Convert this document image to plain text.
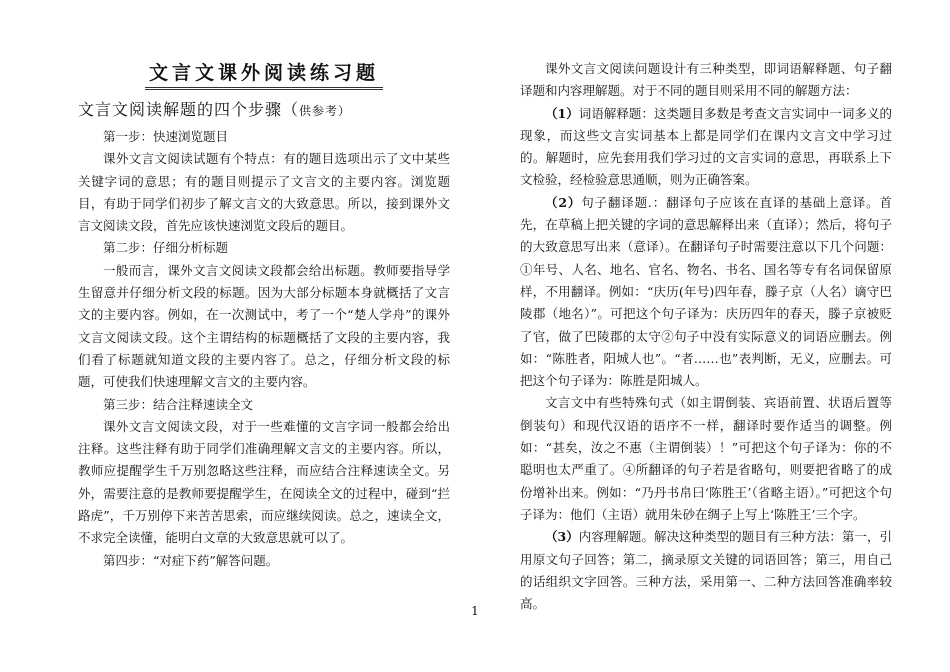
文言文课外阅读练习题
文言文阅读解题的四个步骤（供参考）

第一步：快速浏览题目

课外文言文阅读试题有个特点：有的题目选项出示了文中某些关键字词的意思；有的题目则提示了文言文的主要内容。浏览题目，有助于同学们初步了解文言文的大致意思。所以，接到课外文言文阅读文段，首先应该快速浏览文段后的题目。

第二步：仔细分析标题

一般而言，课外文言文阅读文段都会给出标题。教师要指导学生留意并仔细分析文段的标题。因为大部分标题本身就概括了文言文的主要内容。例如，在一次测试中，考了一个“楚人学舟”的课外文言文阅读文段。这个主谓结构的标题概括了文段的主要内容，我们看了标题就知道文段的主要内容了。总之，仔细分析文段的标题，可使我们快速理解文言文的主要内容。

第三步：结合注释速读全文

课外文言文阅读文段，对于一些难懂的文言字词一般都会给出注释。这些注释有助于同学们准确理解文言文的主要内容。所以，教师应提醒学生千万别忽略这些注释，而应结合注释速读全文。另外，需要注意的是教师要提醒学生，在阅读全文的过程中，碰到“拦路虎”，千万别停下来苦苦思索，而应继续阅读。总之，速读全文，不求完全读懂，能明白文章的大致意思就可以了。

第四步：“对症下药”解答问题。

课外文言文阅读问题设计有三种类型，即词语解释题、句子翻译题和内容理解题。对于不同的题目则采用不同的解题方法：

（1）词语解释题：这类题目多数是考查文言实词中一词多义的现象，而这些文言实词基本上都是同学们在课内文言文中学习过的。解题时，应先套用我们学习过的文言实词的意思，再联系上下文检验，经检验意思通顺，则为正确答案。

（2）句子翻译题.：翻译句子应该在直译的基础上意译。首先，在草稿上把关键的字词的意思解释出来（直译）；然后，将句子的大致意思写出来（意译）。在翻译句子时需要注意以下几个问题：①年号、人名、地名、官名、物名、书名、国名等专有名词保留原样，不用翻译。例如：“庆历(年号)四年春，滕子京（人名）谪守巴陵郡（地名）”。可把这个句子译为：庆历四年的春天，滕子京被贬了官，做了巴陵郡的太守②句子中没有实际意义的词语应删去。例如：“陈胜者，阳城人也”。“者……也”表判断，无义，应删去。可把这个句子译为：陈胜是阳城人。

文言文中有些特殊句式（如主谓倒装、宾语前置、状语后置等倒装句）和现代汉语的语序不一样，翻译时要作适当的调整。例如：“甚矣，汝之不惠（主谓倒装）！”可把这个句子译为：你的不聪明也太严重了。④所翻译的句子若是省略句，则要把省略了的成份增补出来。例如：“乃丹书帛曰‘陈胜王’（省略主语）。”可把这个句子译为：他们（主语）就用朱砂在绸子上写上‘陈胜王’三个字。

（3）内容理解题。解决这种类型的题目有三种方法：第一，引用原文句子回答；第二，摘录原文关键的词语回答；第三，用自己的话组织文字回答。三种方法，采用第一、二种方法回答准确率较高。

1
